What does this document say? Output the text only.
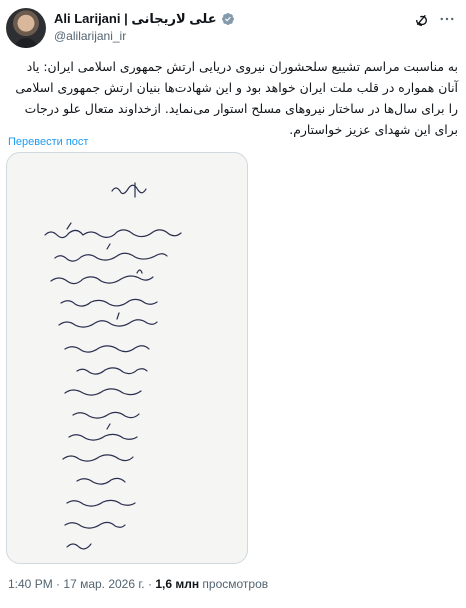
Ali Larijani | علی لاریجانی
@alilarijani_ir

به مناسبت مراسم تشییع سلحشوران نیروی دریایی ارتش جمهوری اسلامی ایران: یاد آنان همواره در قلب ملت ایران خواهد بود و این شهادت‌ها بنیان ارتش جمهوری اسلامی را برای سال‌ها در ساختار نیروهای مسلح استوار می‌نماید. ازخداوند متعال علو درجات برای این شهدای عزیز خواستارم.

Перевести пост
1:40 PM · 17 мар. 2026 г. · 1,6 млн просмотров
